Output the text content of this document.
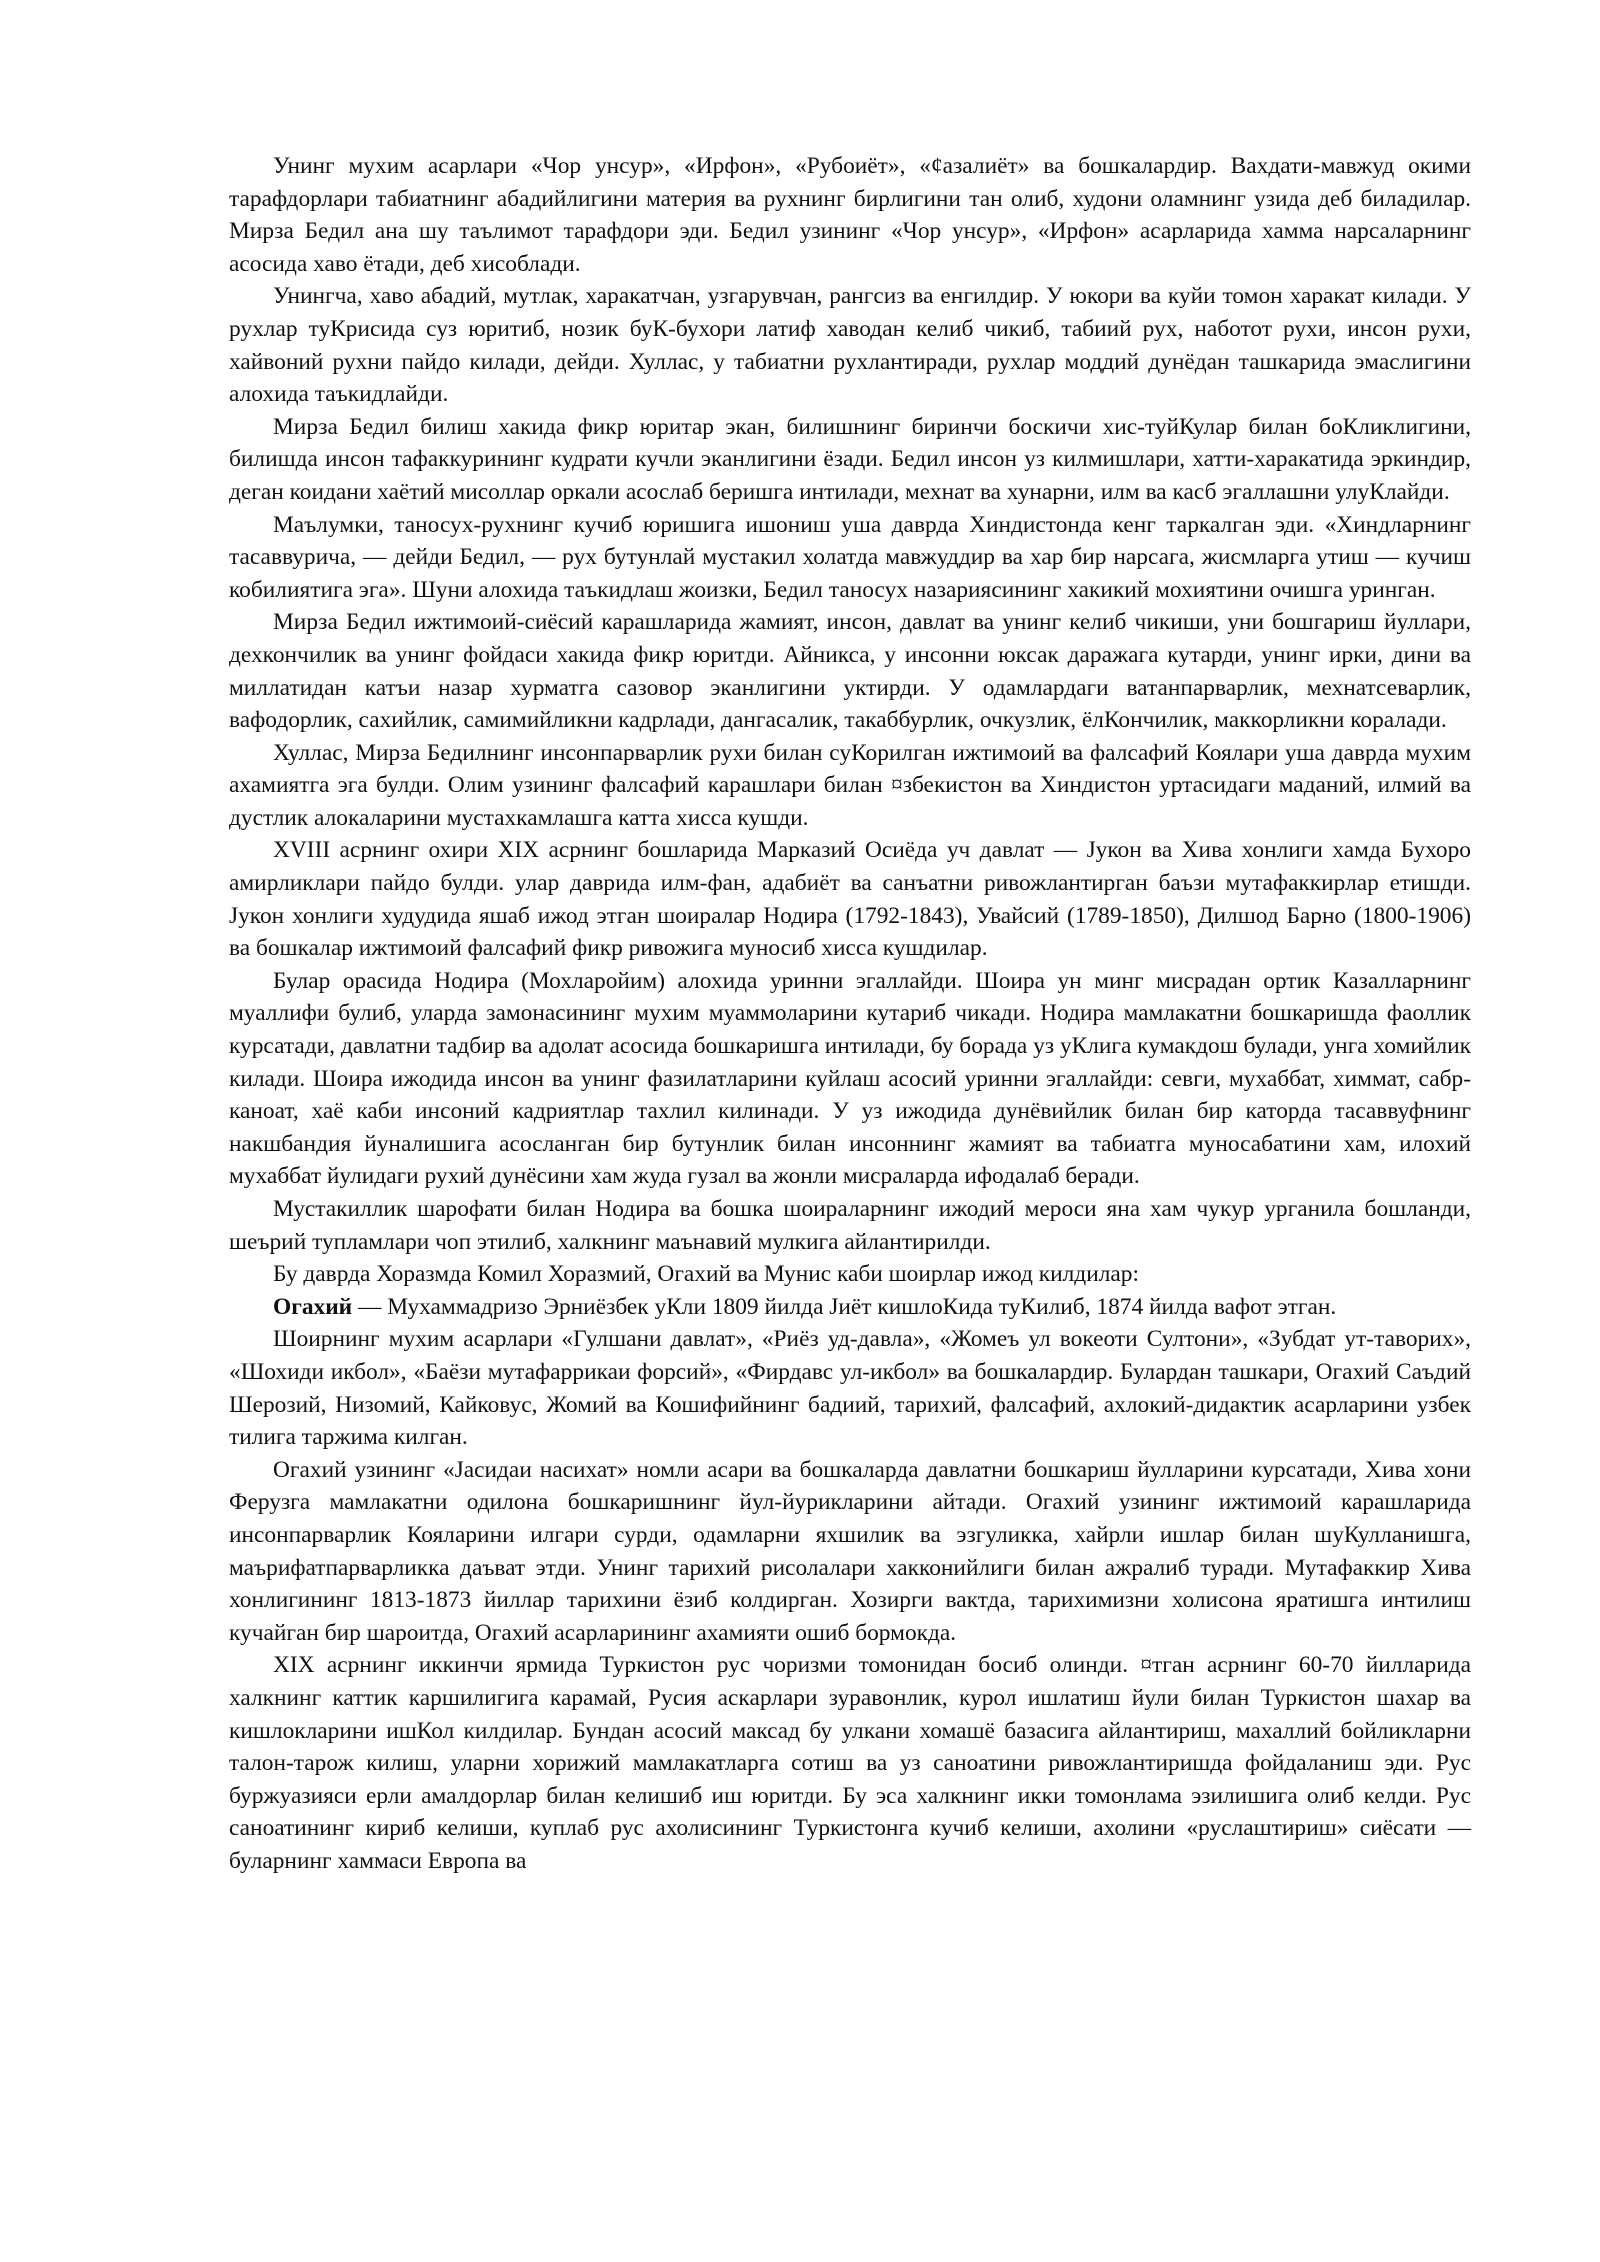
Унинг мухим асарлари «Чор унсур», «Ирфон», «Рубоиёт», «¢азалиёт» ва бошкалардир. Вахдати-мавжуд окими тарафдорлари табиатнинг абадийлигини материя ва рухнинг бирлигини тан олиб, худони оламнинг узида деб биладилар. Мирза Бедил ана шу таълимот тарафдори эди. Бедил узининг «Чор унсур», «Ирфон» асарларида хамма нарсаларнинг асосида хаво ётади, деб хисоблади.

Унингча, хаво абадий, мутлак, харакатчан, узгарувчан, рангсиз ва енгилдир. У юкори ва куйи томон харакат килади. У рухлар туКрисида суз юритиб, нозик буК-бухори латиф хаводан келиб чикиб, табиий рух, наботот рухи, инсон рухи, хайвоний рухни пайдо килади, дейди. Хуллас, у табиатни рухлантиради, рухлар моддий дунёдан ташкарида эмаслигини алохида таъкидлайди.

Мирза Бедил билиш хакида фикр юритар экан, билишнинг биринчи боскичи хис-туйКулар билан боКликлигини, билишда инсон тафаккурининг кудрати кучли эканлигини ёзади. Бедил инсон уз килмишлари, хатти-харакатида эркиндир, деган коидани хаётий мисоллар оркали асослаб беришга интилади, мехнат ва хунарни, илм ва касб эгаллашни улуКлайди.

Маълумки, таносух-рухнинг кучиб юришига ишониш уша даврда Хиндистонда кенг таркалган эди. «Хиндларнинг тасаввурича, — дейди Бедил, — рух бутунлай мустакил холатда мавжуддир ва хар бир нарсага, жисмларга утиш — кучиш кобилиятига эга». Шуни алохида таъкидлаш жоизки, Бедил таносух назариясининг хакикий мохиятини очишга уринган.

Мирза Бедил ижтимоий-сиёсий карашларида жамият, инсон, давлат ва унинг келиб чикиши, уни бошгариш йуллари, дехкончилик ва унинг фойдаси хакида фикр юритди. Айникса, у инсонни юксак даражага кутарди, унинг ирки, дини ва миллатидан катъи назар хурматга сазовор эканлигини уктирди. У одамлардаги ватанпарварлик, мехнатсеварлик, вафодорлик, сахийлик, самимийликни кадрлади, дангасалик, такаббурлик, очкузлик, ёлКончилик, маккорликни коралади.

Хуллас, Мирза Бедилнинг инсонпарварлик рухи билан суКорилган ижтимоий ва фалсафий Коялари уша даврда мухим ахамиятга эга булди. Олим узининг фалсафий карашлари билан ¤збекистон ва Хиндистон уртасидаги маданий, илмий ва дустлик алокаларини мустахкамлашга катта хисса кушди.

XVIII асрнинг охири XIX асрнинг бошларида Марказий Осиёда уч давлат — Јукон ва Хива хонлиги хамда Бухоро амирликлари пайдо булди. улар даврида илм-фан, адабиёт ва санъатни ривожлантирган баъзи мутафаккирлар етишди. Јукон хонлиги худудида яшаб ижод этган шоиралар Нодира (1792-1843), Увайсий (1789-1850), Дилшод Барно (1800-1906) ва бошкалар ижтимоий фалсафий фикр ривожига муносиб хисса кушдилар.

Булар орасида Нодира (Мохларойим) алохида уринни эгаллайди. Шоира ун минг мисрадан ортик Казалларнинг муаллифи булиб, уларда замонасининг мухим муаммоларини кутариб чикади. Нодира мамлакатни бошкаришда фаоллик курсатади, давлатни тадбир ва адолат асосида бошкаришга интилади, бу борада уз уКлига кумакдош булади, унга хомийлик килади. Шоира ижодида инсон ва унинг фазилатларини куйлаш асосий уринни эгаллайди: севги, мухаббат, химмат, сабр-каноат, хаё каби инсоний кадриятлар тахлил килинади. У уз ижодида дунёвийлик билан бир каторда тасаввуфнинг накшбандия йуналишига асосланган бир бутунлик билан инсоннинг жамият ва табиатга муносабатини хам, илохий мухаббат йулидаги рухий дунёсини хам жуда гузал ва жонли мисраларда ифодалаб беради.

Мустакиллик шарофати билан Нодира ва бошка шоираларнинг ижодий мероси яна хам чукур урганила бошланди, шеърий тупламлари чоп этилиб, халкнинг маънавий мулкига айлантирилди.

Бу даврда Хоразмда Комил Хоразмий, Огахий ва Мунис каби шоирлар ижод килдилар:

Огахий — Мухаммадризо Эрниёзбек уКли 1809 йилда Јиёт кишлоКида туКилиб, 1874 йилда вафот этган.

Шоирнинг мухим асарлари «Гулшани давлат», «Риёз уд-давла», «Жомеъ ул вокеоти Султони», «Зубдат ут-таворих», «Шохиди икбол», «Баёзи мутафаррикаи форсий», «Фирдавс ул-икбол» ва бошкалардир. Булардан ташкари, Огахий Саъдий Шерозий, Низомий, Кайковус, Жомий ва Кошифийнинг бадиий, тарихий, фалсафий, ахлокий-дидактик асарларини узбек тилига таржима килган.

Огахий узининг «Јасидаи насихат» номли асари ва бошкаларда давлатни бошкариш йулларини курсатади, Хива хони Ферузга мамлакатни одилона бошкаришнинг йул-йурикларини айтади. Огахий узининг ижтимоий карашларида инсонпарварлик Кояларини илгари сурди, одамларни яхшилик ва эзгуликка, хайрли ишлар билан шуКулланишга, маърифатпарварликка даъват этди. Унинг тарихий рисолалари хакконийлиги билан ажралиб туради. Мутафаккир Хива хонлигининг 1813-1873 йиллар тарихини ёзиб колдирган. Хозирги вактда, тарихимизни холисона яратишга интилиш кучайган бир шароитда, Огахий асарларининг ахамияти ошиб бормокда.

XIX асрнинг иккинчи ярмида Туркистон рус чоризми томонидан босиб олинди. ¤тган асрнинг 60-70 йилларида халкнинг каттик каршилигига карамай, Русия аскарлари зуравонлик, курол ишлатиш йули билан Туркистон шахар ва кишлокларини ишКол килдилар. Бундан асосий максад бу улкани хомашё базасига айлантириш, махаллий бойликларни талон-тарож килиш, уларни хорижий мамлакатларга сотиш ва уз саноатини ривожлантиришда фойдаланиш эди. Рус буржуазияси ерли амалдорлар билан келишиб иш юритди. Бу эса халкнинг икки томонлама эзилишига олиб келди. Рус саноатининг кириб келиши, куплаб рус ахолисининг Туркистонга кучиб келиши, ахолини «руслаштириш» сиёсати — буларнинг хаммаси Европа ва
